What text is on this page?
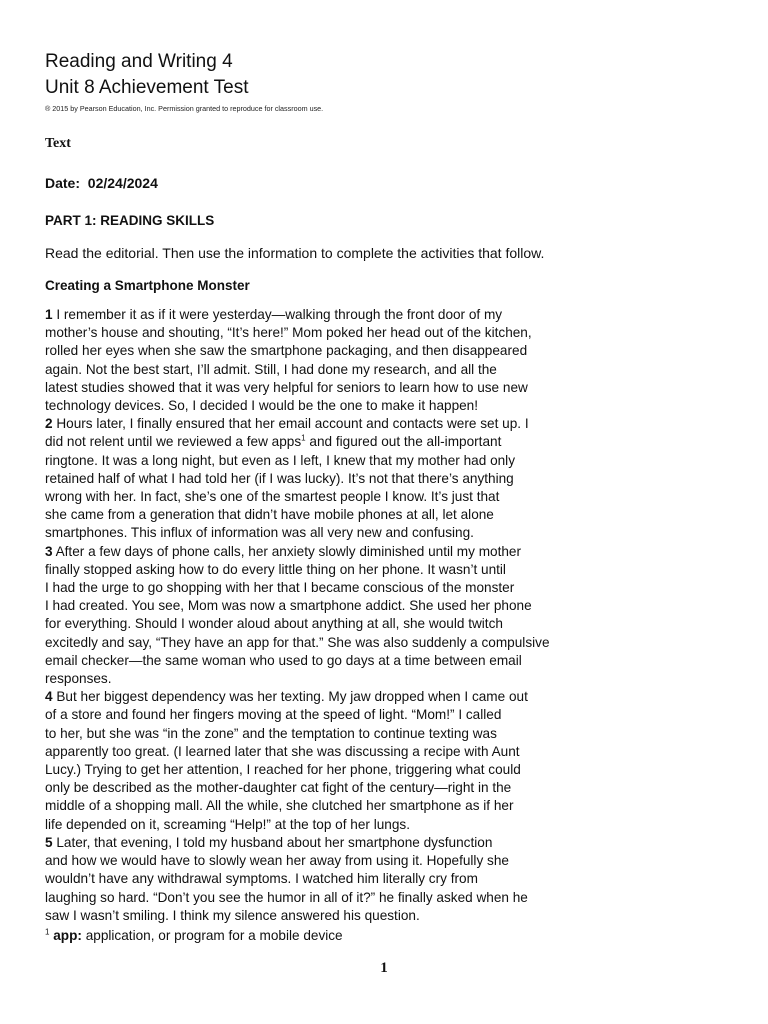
Reading and Writing 4
Unit 8 Achievement Test
® 2015 by Pearson Education, Inc. Permission granted to reproduce for classroom use.
Text
Date: 02/24/2024
PART 1: READING SKILLS
Read the editorial. Then use the information to complete the activities that follow.
Creating a Smartphone Monster
1 I remember it as if it were yesterday—walking through the front door of my
mother’s house and shouting, “It’s here!” Mom poked her head out of the kitchen,
rolled her eyes when she saw the smartphone packaging, and then disappeared
again. Not the best start, I’ll admit. Still, I had done my research, and all the
latest studies showed that it was very helpful for seniors to learn how to use new
technology devices. So, I decided I would be the one to make it happen!
2 Hours later, I finally ensured that her email account and contacts were set up. I
did not relent until we reviewed a few apps$^1$ and figured out the all-important
ringtone. It was a long night, but even as I left, I knew that my mother had only
retained half of what I had told her (if I was lucky). It’s not that there’s anything
wrong with her. In fact, she’s one of the smartest people I know. It’s just that
she came from a generation that didn’t have mobile phones at all, let alone
smartphones. This influx of information was all very new and confusing.
3 After a few days of phone calls, her anxiety slowly diminished until my mother
finally stopped asking how to do every little thing on her phone. It wasn’t until
I had the urge to go shopping with her that I became conscious of the monster
I had created. You see, Mom was now a smartphone addict. She used her phone
for everything. Should I wonder aloud about anything at all, she would twitch
excitedly and say, “They have an app for that.” She was also suddenly a compulsive
email checker—the same woman who used to go days at a time between email
responses.
4 But her biggest dependency was her texting. My jaw dropped when I came out
of a store and found her fingers moving at the speed of light. “Mom!” I called
to her, but she was “in the zone” and the temptation to continue texting was
apparently too great. (I learned later that she was discussing a recipe with Aunt
Lucy.) Trying to get her attention, I reached for her phone, triggering what could
only be described as the mother-daughter cat fight of the century—right in the
middle of a shopping mall. All the while, she clutched her smartphone as if her
life depended on it, screaming “Help!” at the top of her lungs.
5 Later, that evening, I told my husband about her smartphone dysfunction
and how we would have to slowly wean her away from using it. Hopefully she
wouldn’t have any withdrawal symptoms. I watched him literally cry from
laughing so hard. “Don’t you see the humor in all of it?” he finally asked when he
saw I wasn’t smiling. I think my silence answered his question.
$^1$ app: application, or program for a mobile device
1
